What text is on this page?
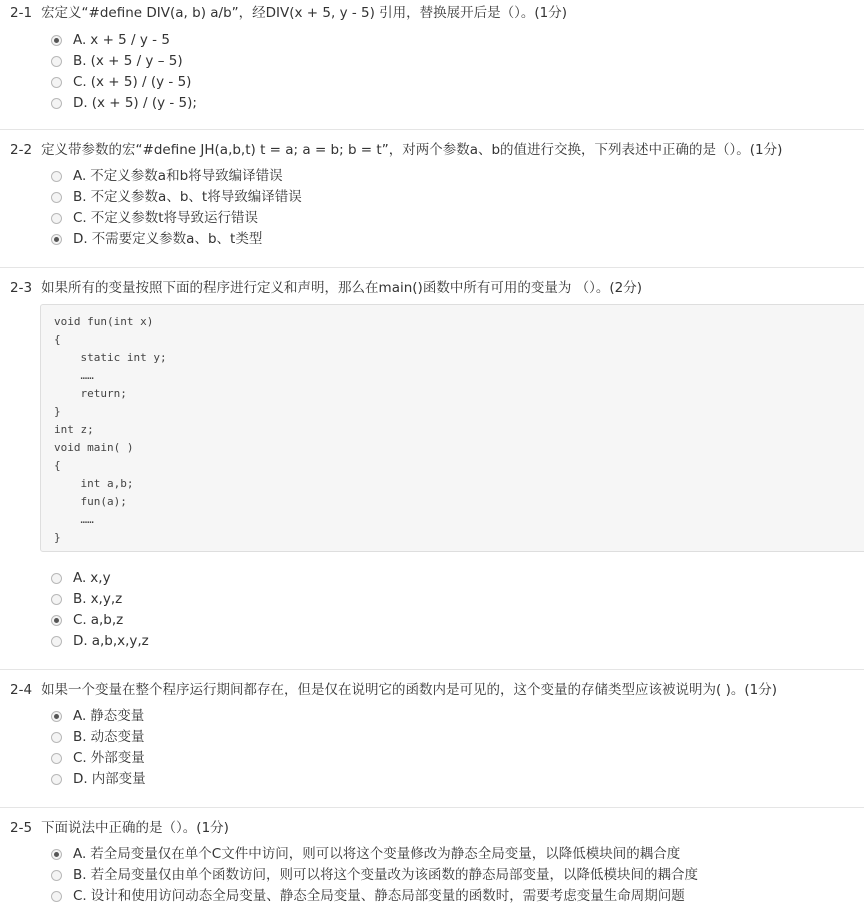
2-1 宏定义“#define DIV(a, b) a/b”，经DIV(x + 5, y - 5) 引用，替换展开后是（）。(1分)
A. x + 5 / y - 5
B. (x + 5 / y – 5)
C. (x + 5) / (y - 5)
D. (x + 5) / (y - 5);
2-2 定义带参数的宏“#define JH(a,b,t) t = a; a = b; b = t”，对两个参数a、b的值进行交换，下列表述中正确的是（）。(1分)
A. 不定义参数a和b将导致编译错误
B. 不定义参数a、b、t将导致编译错误
C. 不定义参数t将导致运行错误
D. 不需要定义参数a、b、t类型
2-3 如果所有的变量按照下面的程序进行定义和声明，那么在main()函数中所有可用的变量为 （）。(2分)
void fun(int x)
{
static int y;
……
return;
}
int z;
void main( )
{
int a,b;
fun(a);
……
}
A. x,y
B. x,y,z
C. a,b,z
D. a,b,x,y,z
2-4 如果一个变量在整个程序运行期间都存在，但是仅在说明它的函数内是可见的，这个变量的存储类型应该被说明为( )。(1分)
A. 静态变量
B. 动态变量
C. 外部变量
D. 内部变量
2-5 下面说法中正确的是（）。(1分)
A. 若全局变量仅在单个C文件中访问，则可以将这个变量修改为静态全局变量，以降低模块间的耦合度
B. 若全局变量仅由单个函数访问，则可以将这个变量改为该函数的静态局部变量，以降低模块间的耦合度
C. 设计和使用访问动态全局变量、静态全局变量、静态局部变量的函数时，需要考虑变量生命周期问题
